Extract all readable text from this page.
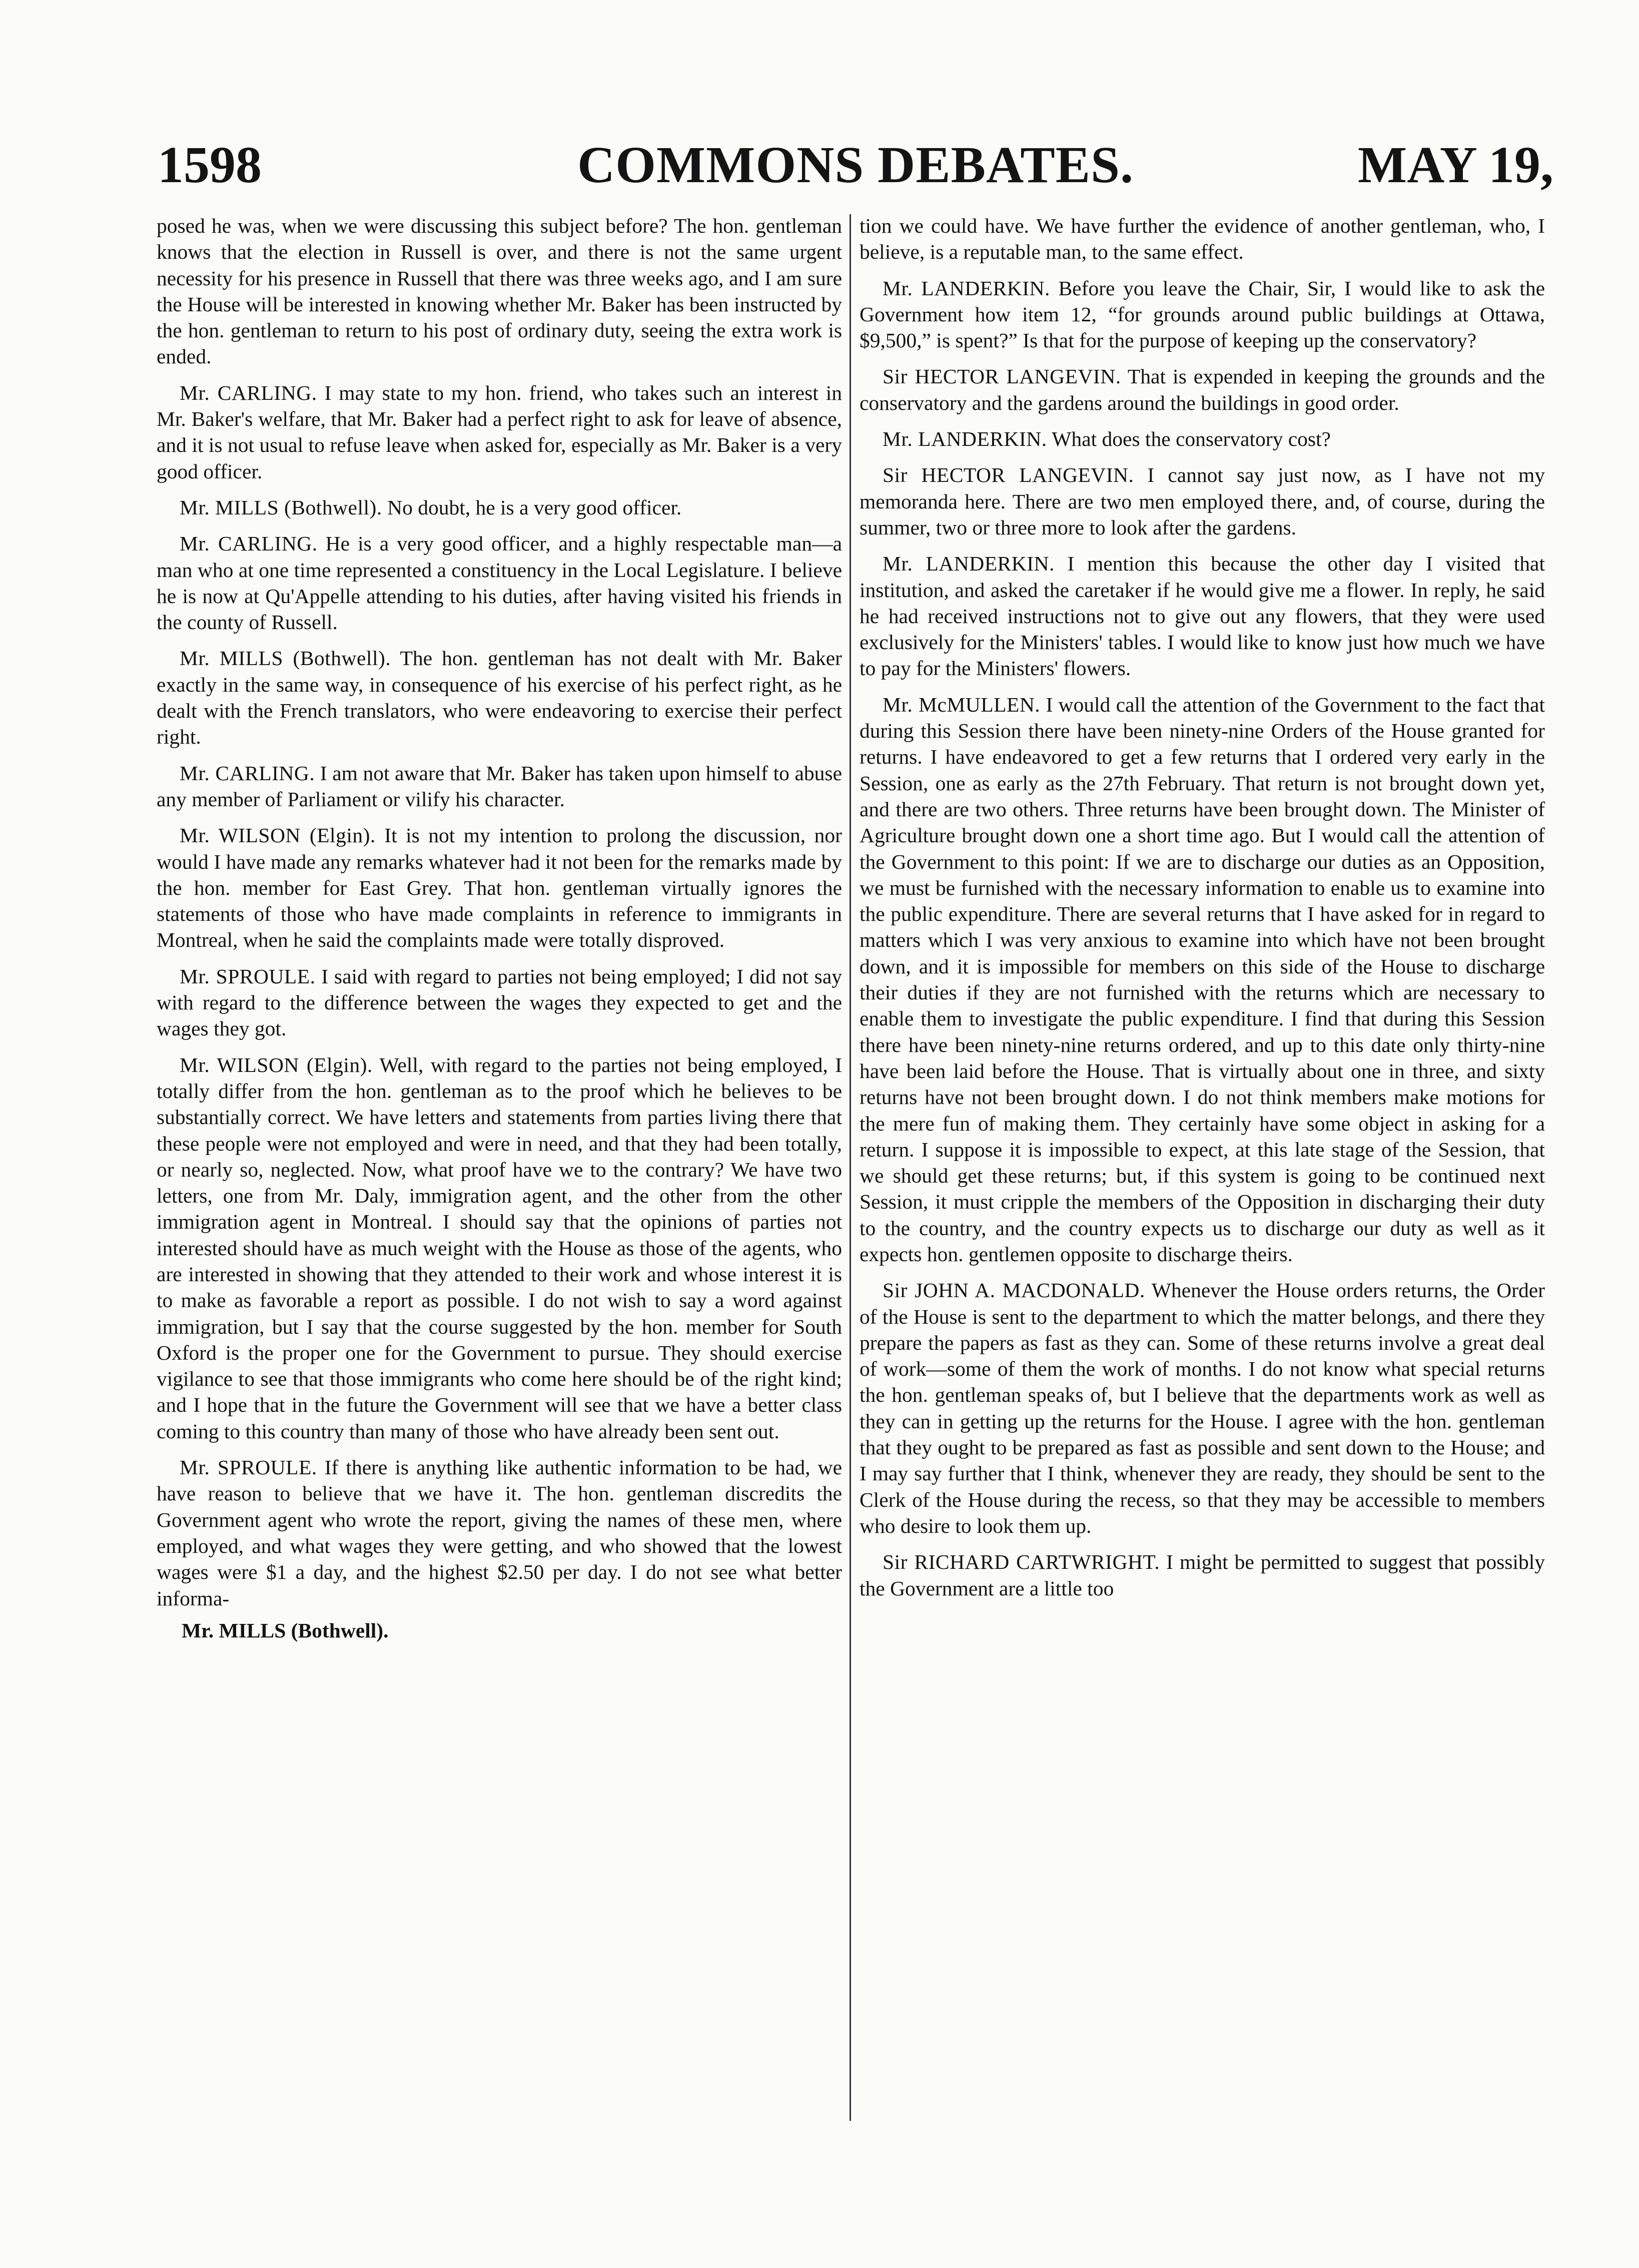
1598	COMMONS DEBATES.	MAY 19,

posed he was, when we were discussing this subject before? The hon. gentleman knows that the election in Russell is over, and there is not the same urgent necessity for his presence in Russell that there was three weeks ago, and I am sure the House will be interested in knowing whether Mr. Baker has been instructed by the hon. gentleman to return to his post of ordinary duty, seeing the extra work is ended.

Mr. CARLING. I may state to my hon. friend, who takes such an interest in Mr. Baker's welfare, that Mr. Baker had a perfect right to ask for leave of absence, and it is not usual to refuse leave when asked for, especially as Mr. Baker is a very good officer.

Mr. MILLS (Bothwell). No doubt, he is a very good officer.

Mr. CARLING. He is a very good officer, and a highly respectable man—a man who at one time represented a constituency in the Local Legislature. I believe he is now at Qu'Appelle attending to his duties, after having visited his friends in the county of Russell.

Mr. MILLS (Bothwell). The hon. gentleman has not dealt with Mr. Baker exactly in the same way, in consequence of his exercise of his perfect right, as he dealt with the French translators, who were endeavoring to exercise their perfect right.

Mr. CARLING. I am not aware that Mr. Baker has taken upon himself to abuse any member of Parliament or vilify his character.

Mr. WILSON (Elgin). It is not my intention to prolong the discussion, nor would I have made any remarks whatever had it not been for the remarks made by the hon. member for East Grey. That hon. gentleman virtually ignores the statements of those who have made complaints in reference to immigrants in Montreal, when he said the complaints made were totally disproved.

Mr. SPROULE. I said with regard to parties not being employed; I did not say with regard to the difference between the wages they expected to get and the wages they got.

Mr. WILSON (Elgin). Well, with regard to the parties not being employed, I totally differ from the hon. gentleman as to the proof which he believes to be substantially correct. We have letters and statements from parties living there that these people were not employed and were in need, and that they had been totally, or nearly so, neglected. Now, what proof have we to the contrary? We have two letters, one from Mr. Daly, immigration agent, and the other from the other immigration agent in Montreal. I should say that the opinions of parties not interested should have as much weight with the House as those of the agents, who are interested in showing that they attended to their work and whose interest it is to make as favorable a report as possible. I do not wish to say a word against immigration, but I say that the course suggested by the hon. member for South Oxford is the proper one for the Government to pursue. They should exercise vigilance to see that those immigrants who come here should be of the right kind; and I hope that in the future the Government will see that we have a better class coming to this country than many of those who have already been sent out.

Mr. SPROULE. If there is anything like authentic information to be had, we have reason to believe that we have it. The hon. gentleman discredits the Government agent who wrote the report, giving the names of these men, where employed, and what wages they were getting, and who showed that the lowest wages were $1 a day, and the highest $2.50 per day. I do not see what better informa-

Mr. MILLS (Bothwell).

tion we could have. We have further the evidence of another gentleman, who, I believe, is a reputable man, to the same effect.

Mr. LANDERKIN. Before you leave the Chair, Sir, I would like to ask the Government how item 12, “for grounds around public buildings at Ottawa, $9,500,” is spent?” Is that for the purpose of keeping up the conservatory?

Sir HECTOR LANGEVIN. That is expended in keeping the grounds and the conservatory and the gardens around the buildings in good order.

Mr. LANDERKIN. What does the conservatory cost?

Sir HECTOR LANGEVIN. I cannot say just now, as I have not my memoranda here. There are two men employed there, and, of course, during the summer, two or three more to look after the gardens.

Mr. LANDERKIN. I mention this because the other day I visited that institution, and asked the caretaker if he would give me a flower. In reply, he said he had received instructions not to give out any flowers, that they were used exclusively for the Ministers' tables. I would like to know just how much we have to pay for the Ministers' flowers.

Mr. McMULLEN. I would call the attention of the Government to the fact that during this Session there have been ninety-nine Orders of the House granted for returns. I have endeavored to get a few returns that I ordered very early in the Session, one as early as the 27th February. That return is not brought down yet, and there are two others. Three returns have been brought down. The Minister of Agriculture brought down one a short time ago. But I would call the attention of the Government to this point: If we are to discharge our duties as an Opposition, we must be furnished with the necessary information to enable us to examine into the public expenditure. There are several returns that I have asked for in regard to matters which I was very anxious to examine into which have not been brought down, and it is impossible for members on this side of the House to discharge their duties if they are not furnished with the returns which are necessary to enable them to investigate the public expenditure. I find that during this Session there have been ninety-nine returns ordered, and up to this date only thirty-nine have been laid before the House. That is virtually about one in three, and sixty returns have not been brought down. I do not think members make motions for the mere fun of making them. They certainly have some object in asking for a return. I suppose it is impossible to expect, at this late stage of the Session, that we should get these returns; but, if this system is going to be continued next Session, it must cripple the members of the Opposition in discharging their duty to the country, and the country expects us to discharge our duty as well as it expects hon. gentlemen opposite to discharge theirs.

Sir JOHN A. MACDONALD. Whenever the House orders returns, the Order of the House is sent to the department to which the matter belongs, and there they prepare the papers as fast as they can. Some of these returns involve a great deal of work—some of them the work of months. I do not know what special returns the hon. gentleman speaks of, but I believe that the departments work as well as they can in getting up the returns for the House. I agree with the hon. gentleman that they ought to be prepared as fast as possible and sent down to the House; and I may say further that I think, whenever they are ready, they should be sent to the Clerk of the House during the recess, so that they may be accessible to members who desire to look them up.

Sir RICHARD CARTWRIGHT. I might be permitted to suggest that possibly the Government are a little too
